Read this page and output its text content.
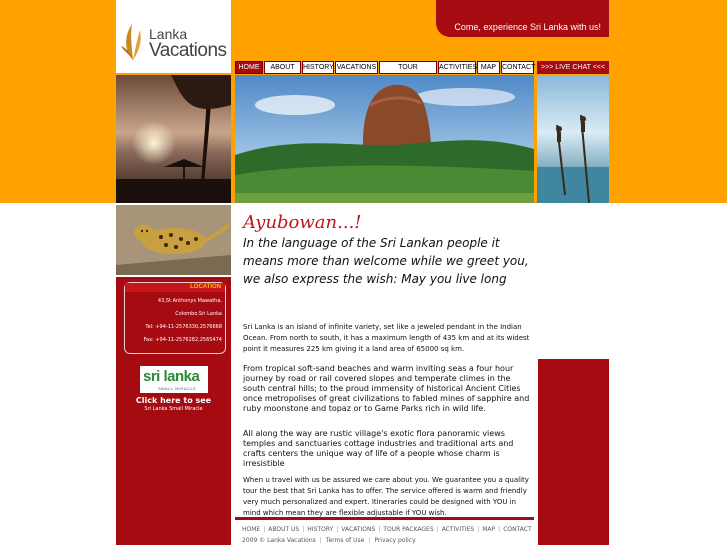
Lanka
Vacations
Come, experience Sri Lanka with us!
HOME	ABOUT	HISTORY VACATIONS	TOUR	ACTIVITIES MAP CONTACT >>> LIVE CHAT <<<
LOCATION
43,St.Anthonys Mawatha,
Colombo.Sri Lanka
Tel: +94-11-2576330,2576668
Fax: +94-11-2576282,2565474
sri lanka
SMALL MIRACLE
Click here to see
Sri Lanka Small Miracle
Ayubowan...!

In the language of the Sri Lankan people it means more than welcome while we greet you, we also express the wish: May you live long

Sri Lanka is an island of infinite variety, set like a jeweled pendant in the Indian Ocean. From north to south, it has a maximum length of 435 km and at its widest point it measures 225 km giving it a land area of 65000 sq km.

From tropical soft-sand beaches and warm inviting seas a four hour journey by road or rail covered slopes and temperate climes in the south central hills; to the proud immensity of historical Ancient Cities once metropolises of great civilizations to fabled mines of sapphire and ruby moonstone and topaz or to Game Parks rich in wild life.

All along the way are rustic village's exotic flora panoramic views temples and sanctuaries cottage industries and traditional arts and crafts centers the unique way of life of a people whose charm is irresistible

When u travel with us be assured we care about you. We guarantee you a quality tour the best that Sri Lanka has to offer. The service offered is warm and friendly very much personalized and expert. Itineraries could be designed with YOU in mind which mean they are flexible adjustable if YOU wish.

HOME | ABOUT US | HISTORY | VACATIONS | TOUR PACKAGES | ACTIVITIES | MAP | CONTACT
2009 © Lanka Vacations | Terms of Use | Privacy policy
